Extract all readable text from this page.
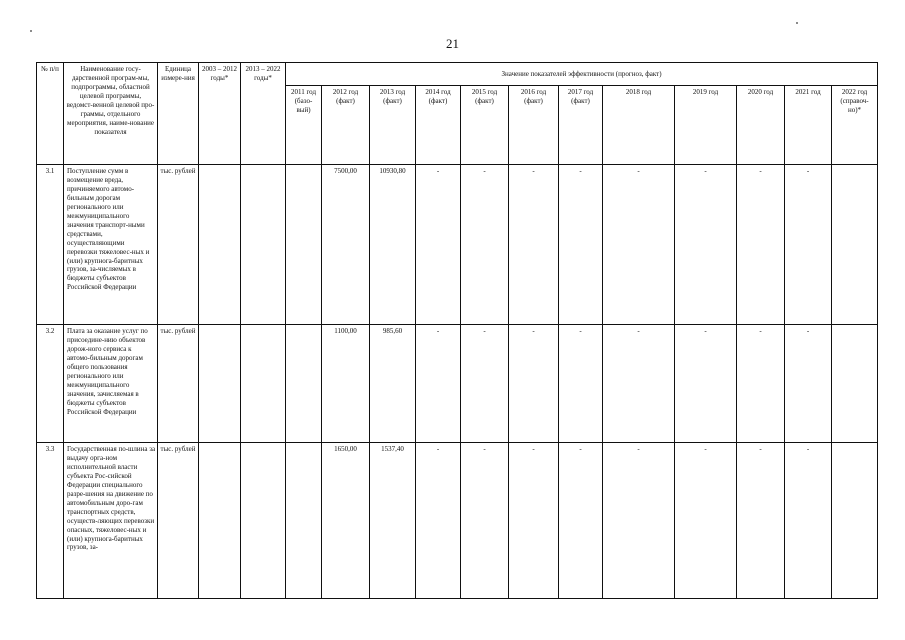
21
№ п/п	Наименование госу-дарственной програм-мы, подпрограммы, областной целевой программы, ведомст-венной целевой про-граммы, отдельного мероприятия, наиме-нование показателя	Единица измере-ния	2003 – 2012 годы*	2013 – 2022 годы*	Значение показателей эффективности (прогноз, факт)											
					2011 год (базо-вый)	2012 год (факт)	2013 год (факт)	2014 год (факт)	2015 год (факт)	2016 год (факт)	2017 год (факт)	2018 год	2019 год	2020 год	2021 год	2022 год (справоч-но)*
3.1	Поступление сумм в возмещение вреда, причиняемого автомо-бильным дорогам регионального или межмуниципального значения транспорт-ными средствами, осуществляющими перевозки тяжеловес-ных и (или) крупнога-баритных грузов, за-числяемых в бюджеты субъектов Российской Федерации	тыс. рублей				7500,00	10930,80	-	-	-	-	-	-	-	-	
3.2	Плата за оказание услуг по присоедине-нию объектов дорож-ного сервиса к автомо-бильным дорогам общего пользования регионального или межмуниципального значения, зачисляемая в бюджеты субъектов Российской Федерации	тыс. рублей				1100,00	985,60	-	-	-	-	-	-	-	-	
3.3	Государственная по-шлина за выдачу орга-ном исполнительной власти субъекта Рос-сийской Федерации специального разре-шения на движение по автомобильным доро-гам транспортных средств, осуществ-ляющих перевозки опасных, тяжеловес-ных и (или) крупнога-баритных грузов, за-	тыс. рублей				1650,00	1537,40	-	-	-	-	-	-	-	-	
